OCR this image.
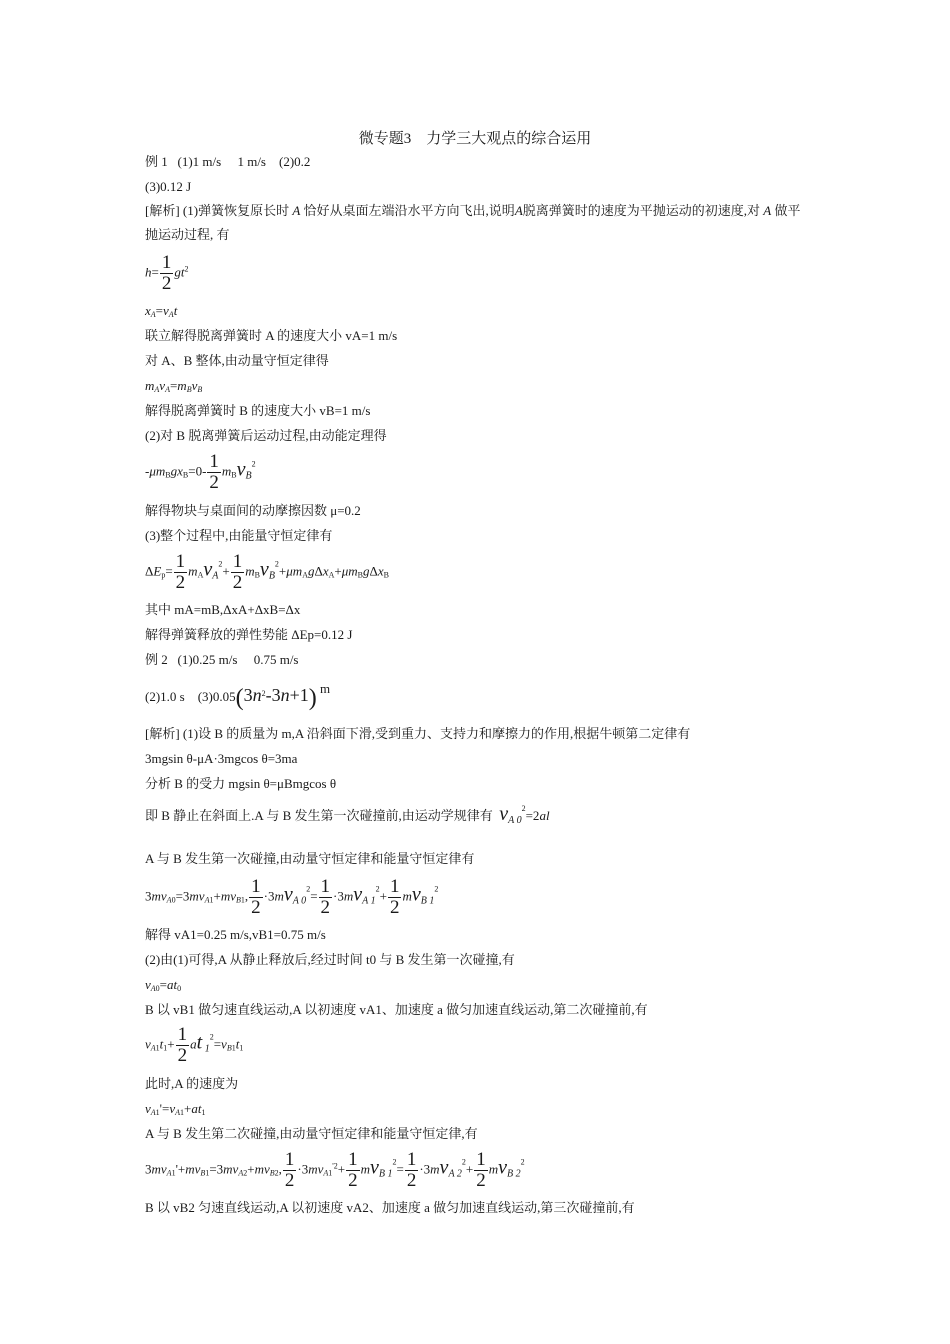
微专题3　力学三大观点的综合运用
例 1 (1)1 m/s　 1 m/s　(2)0.2
(3)0.12 J
[解析] (1)弹簧恢复原长时 A 恰好从桌面左端沿水平方向飞出,说明A脱离弹簧时的速度为平抛运动的初速度,对 A 做平抛运动过程, 有
$h= \frac{1}{2} gt^2$
$x_A=v_At$
联立解得脱离弹簧时 A 的速度大小 vA=1 m/s
对 A、B 整体,由动量守恒定律得
$m_Av_A=m_Bv_B$
解得脱离弹簧时 B 的速度大小 vB=1 m/s
(2)对 B 脱离弹簧后运动过程,由动能定理得
$-\mu m_Bgx_B=0- \frac{1}{2} m_Bv_B^2$
解得物块与桌面间的动摩擦因数 μ=0.2
(3)整个过程中,由能量守恒定律有
$\Delta E_p= \frac{1}{2} m_Av_A^2+ \frac{1}{2} m_Bv_B^2+\mu m_Ag\Delta x_A+\mu m_Bg\Delta x_B$
其中 mA=mB,ΔxA+ΔxB=Δx
解得弹簧释放的弹性势能 ΔEp=0.12 J
例 2 (1)0.25 m/s　 0.75 m/s
(2)1.0 s　$(3)0.05(3n^2-3n+1)$ m
[解析] (1)设 B 的质量为 m,A 沿斜面下滑,受到重力、支持力和摩擦力的作用,根据牛顿第二定律有
3mgsin θ-μA·3mgcos θ=3ma
分析 B 的受力 mgsin θ=μBmgcos θ
即 B 静止在斜面上.A 与 B 发生第一次碰撞前,由运动学规律有 $v_{A 0}^2=2al$
A 与 B 发生第一次碰撞,由动量守恒定律和能量守恒定律有
$3mv_{A0}=3mv_{A1}+mv_{B1}$, $\frac{1}{2} \cdot 3mv_{A 0}^2= \frac{1}{2} \cdot 3mv_{A 1}^2+ \frac{1}{2} mv_{B 1}^2$
解得 vA1=0.25 m/s,vB1=0.75 m/s
(2)由(1)可得,A 从静止释放后,经过时间 t0 与 B 发生第一次碰撞,有
$v_{A0}=at_0$
B 以 vB1 做匀速直线运动,A 以初速度 vA1、加速度 a 做匀加速直线运动,第二次碰撞前,有
$v_{A1}t_1+ \frac{1}{2}$ at $_1^2=v_{B1}t_1$
此时,A 的速度为
$v_{A1}'=v_{A1}+at_1$
A 与 B 发生第二次碰撞,由动量守恒定律和能量守恒定律,有
$3mv_{A1}'+mv_{B1}=3mv_{A2}+mv_{B2}$, $\frac{1}{2} \cdot 3mv_{A1}^{'2}+ \frac{1}{2} mv_{B 1}^2= \frac{1}{2} \cdot 3mv_{A 2}^2+ \frac{1}{2} mv_{B 2}^2$
B 以 vB2 匀速直线运动,A 以初速度 vA2、加速度 a 做匀加速直线运动,第三次碰撞前,有
